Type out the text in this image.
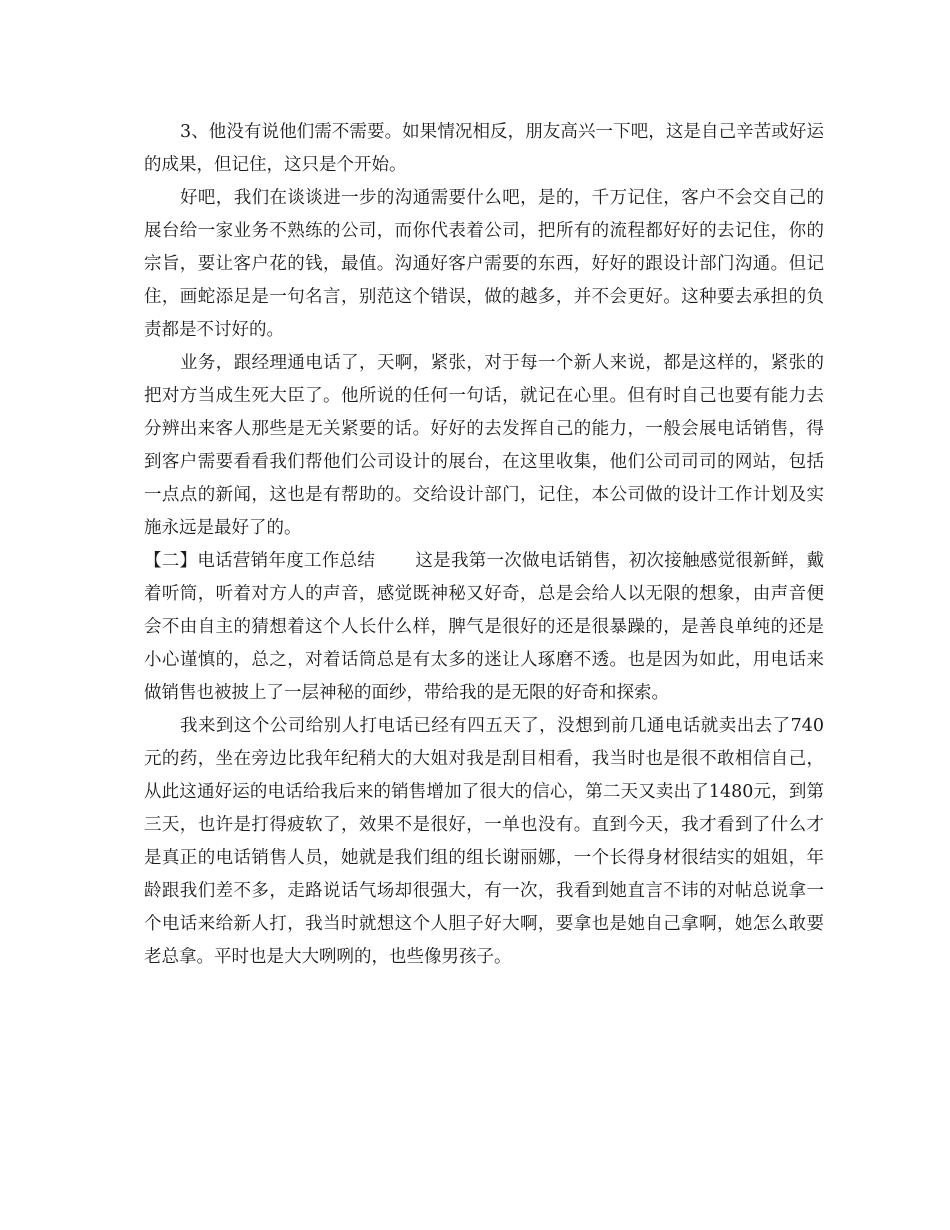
3、他没有说他们需不需要。如果情况相反，朋友高兴一下吧，这是自己辛苦或好运的成果，但记住，这只是个开始。

好吧，我们在谈谈进一步的沟通需要什么吧，是的，千万记住，客户不会交自己的展台给一家业务不熟练的公司，而你代表着公司，把所有的流程都好好的去记住，你的宗旨，要让客户花的钱，最值。沟通好客户需要的东西，好好的跟设计部门沟通。但记住，画蛇添足是一句名言，别范这个错误，做的越多，并不会更好。这种要去承担的负责都是不讨好的。

业务，跟经理通电话了，天啊，紧张，对于每一个新人来说，都是这样的，紧张的把对方当成生死大臣了。他所说的任何一句话，就记在心里。但有时自己也要有能力去分辨出来客人那些是无关紧要的话。好好的去发挥自己的能力，一般会展电话销售，得到客户需要看看我们帮他们公司设计的展台，在这里收集，他们公司司司的网站，包括一点点的新闻，这也是有帮助的。交给设计部门，记住，本公司做的设计工作计划及实施永远是最好了的。

【二】电话营销年度工作总结 这是我第一次做电话销售，初次接触感觉很新鲜，戴着听筒，听着对方人的声音，感觉既神秘又好奇，总是会给人以无限的想象，由声音便会不由自主的猜想着这个人长什么样，脾气是很好的还是很暴躁的，是善良单纯的还是小心谨慎的，总之，对着话筒总是有太多的迷让人琢磨不透。也是因为如此，用电话来做销售也被披上了一层神秘的面纱，带给我的是无限的好奇和探索。

我来到这个公司给别人打电话已经有四五天了，没想到前几通电话就卖出去了740元的药，坐在旁边比我年纪稍大的大姐对我是刮目相看，我当时也是很不敢相信自己，从此这通好运的电话给我后来的销售增加了很大的信心，第二天又卖出了1480元，到第三天，也许是打得疲软了，效果不是很好，一单也没有。直到今天，我才看到了什么才是真正的电话销售人员，她就是我们组的组长谢丽娜，一个长得身材很结实的姐姐，年龄跟我们差不多，走路说话气场却很强大，有一次，我看到她直言不讳的对帖总说拿一个电话来给新人打，我当时就想这个人胆子好大啊，要拿也是她自己拿啊，她怎么敢要老总拿。平时也是大大咧咧的，也些像男孩子。
